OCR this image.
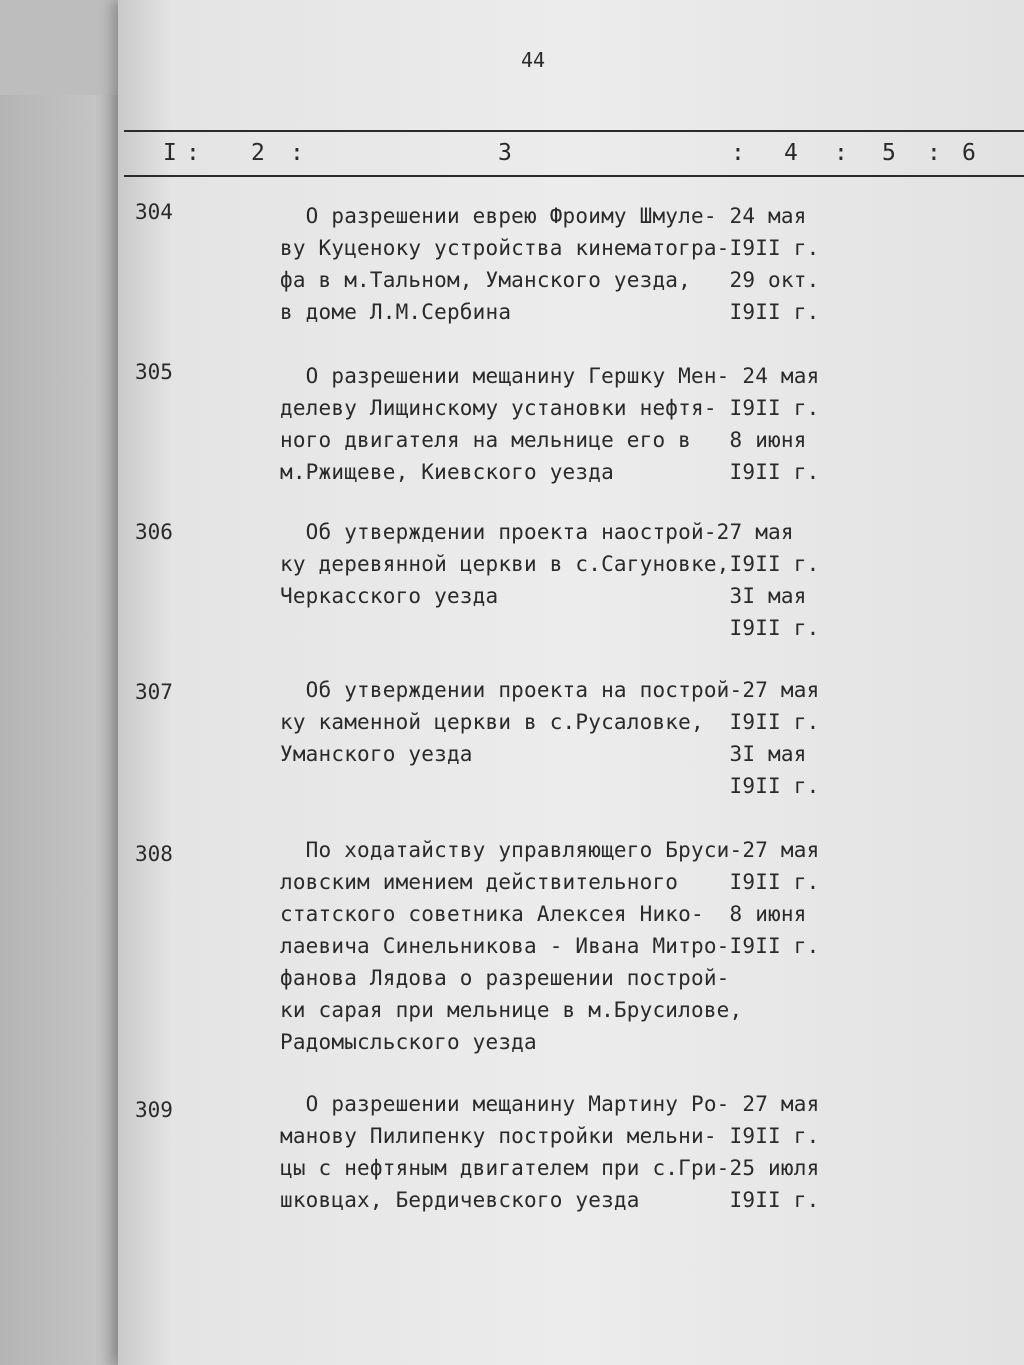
44
I : 2 :	3	: 4 : 5 : 6
304	О разрешении еврею Фроиму Шмуле- 24 мая
ву Куценоку устройства кинематогра-I9II г.
фа в м.Тальном, Уманского уезда,   29 окт.
в доме Л.М.Сербина                 I9II г.
305	О разрешении мещанину Гершку Мен- 24 мая
делеву Лищинскому установки нефтя- I9II г.
ного двигателя на мельнице его в   8 июня
м.Ржищеве, Киевского уезда         I9II г.
306	Об утверждении проекта наострой-27 мая
ку деревянной церкви в с.Сагуновке,I9II г.
Черкасского уезда                  3I мая
I9II г.
307	Об утверждении проекта на построй-27 мая
ку каменной церкви в с.Русаловке,  I9II г.
Уманского уезда                    3I мая
I9II г.
308	По ходатайству управляющего Бруси-27 мая
ловским имением действительного    I9II г.
статского советника Алексея Нико-  8 июня
лаевича Синельникова - Ивана Митро-I9II г.
фанова Лядова о разрешении построй-
ки сарая при мельнице в м.Брусилове,
Радомысльского уезда
309	О разрешении мещанину Мартину Ро- 27 мая
манову Пилипенку постройки мельни- I9II г.
цы с нефтяным двигателем при с.Гри-25 июля
шковцах, Бердичевского уезда       I9II г.
